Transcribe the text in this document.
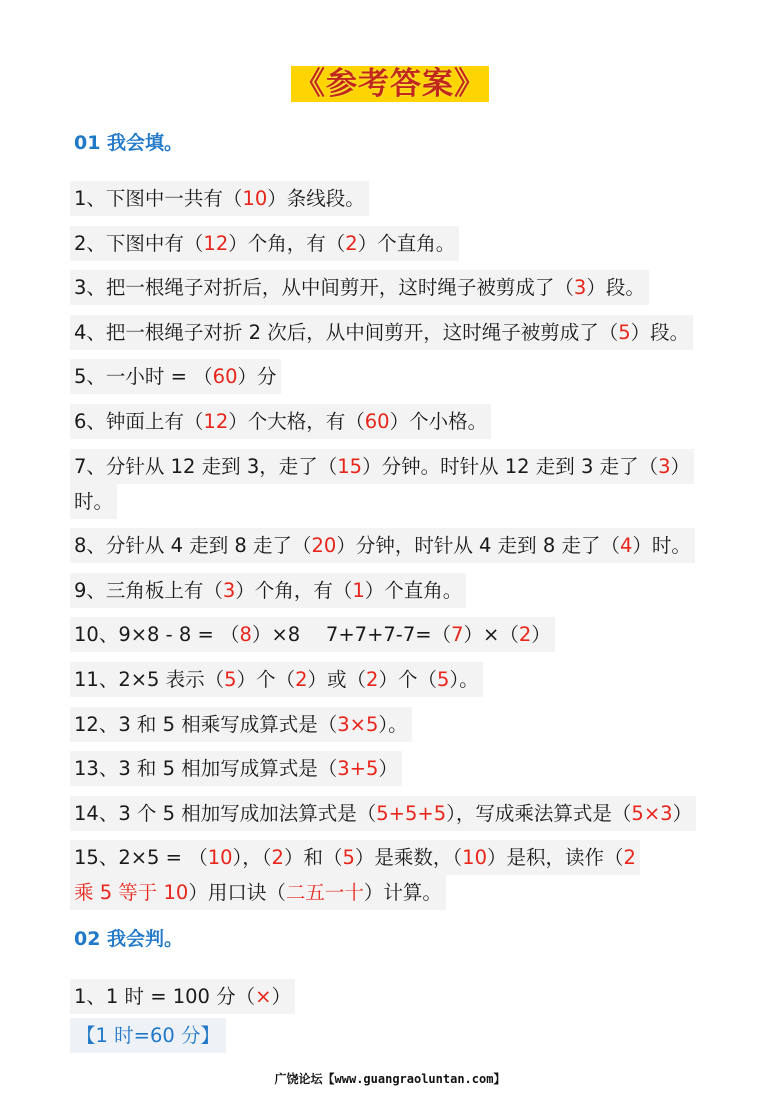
《参考答案》
01 我会填。
1、下图中一共有（10）条线段。
2、下图中有（12）个角，有（2）个直角。
3、把一根绳子对折后，从中间剪开，这时绳子被剪成了（3）段。
4、把一根绳子对折 2 次后，从中间剪开，这时绳子被剪成了（5）段。
5、一小时 = （60）分
6、钟面上有（12）个大格，有（60）个小格。
7、分针从 12 走到 3，走了（15）分钟。时针从 12 走到 3 走了（3）
时。
8、分针从 4 走到 8 走了（20）分钟，时针从 4 走到 8 走了（4）时。
9、三角板上有（3）个角，有（1）个直角。
10、9×8 - 8 = （8）×8　 7+7+7-7=（7）×（2）
11、2×5 表示（5）个（2）或（2）个（5）。
12、3 和 5 相乘写成算式是（3×5）。
13、3 和 5 相加写成算式是（3+5）
14、3 个 5 相加写成加法算式是（5+5+5），写成乘法算式是（5×3）
15、2×5 = （10），（2）和（5）是乘数，（10）是积，读作（2
乘 5 等于 10）用口诀（二五一十）计算。
02 我会判。
1、1 时 = 100 分（×）
【1 时=60 分】
广饶论坛【www.guangraoluntan.com】
